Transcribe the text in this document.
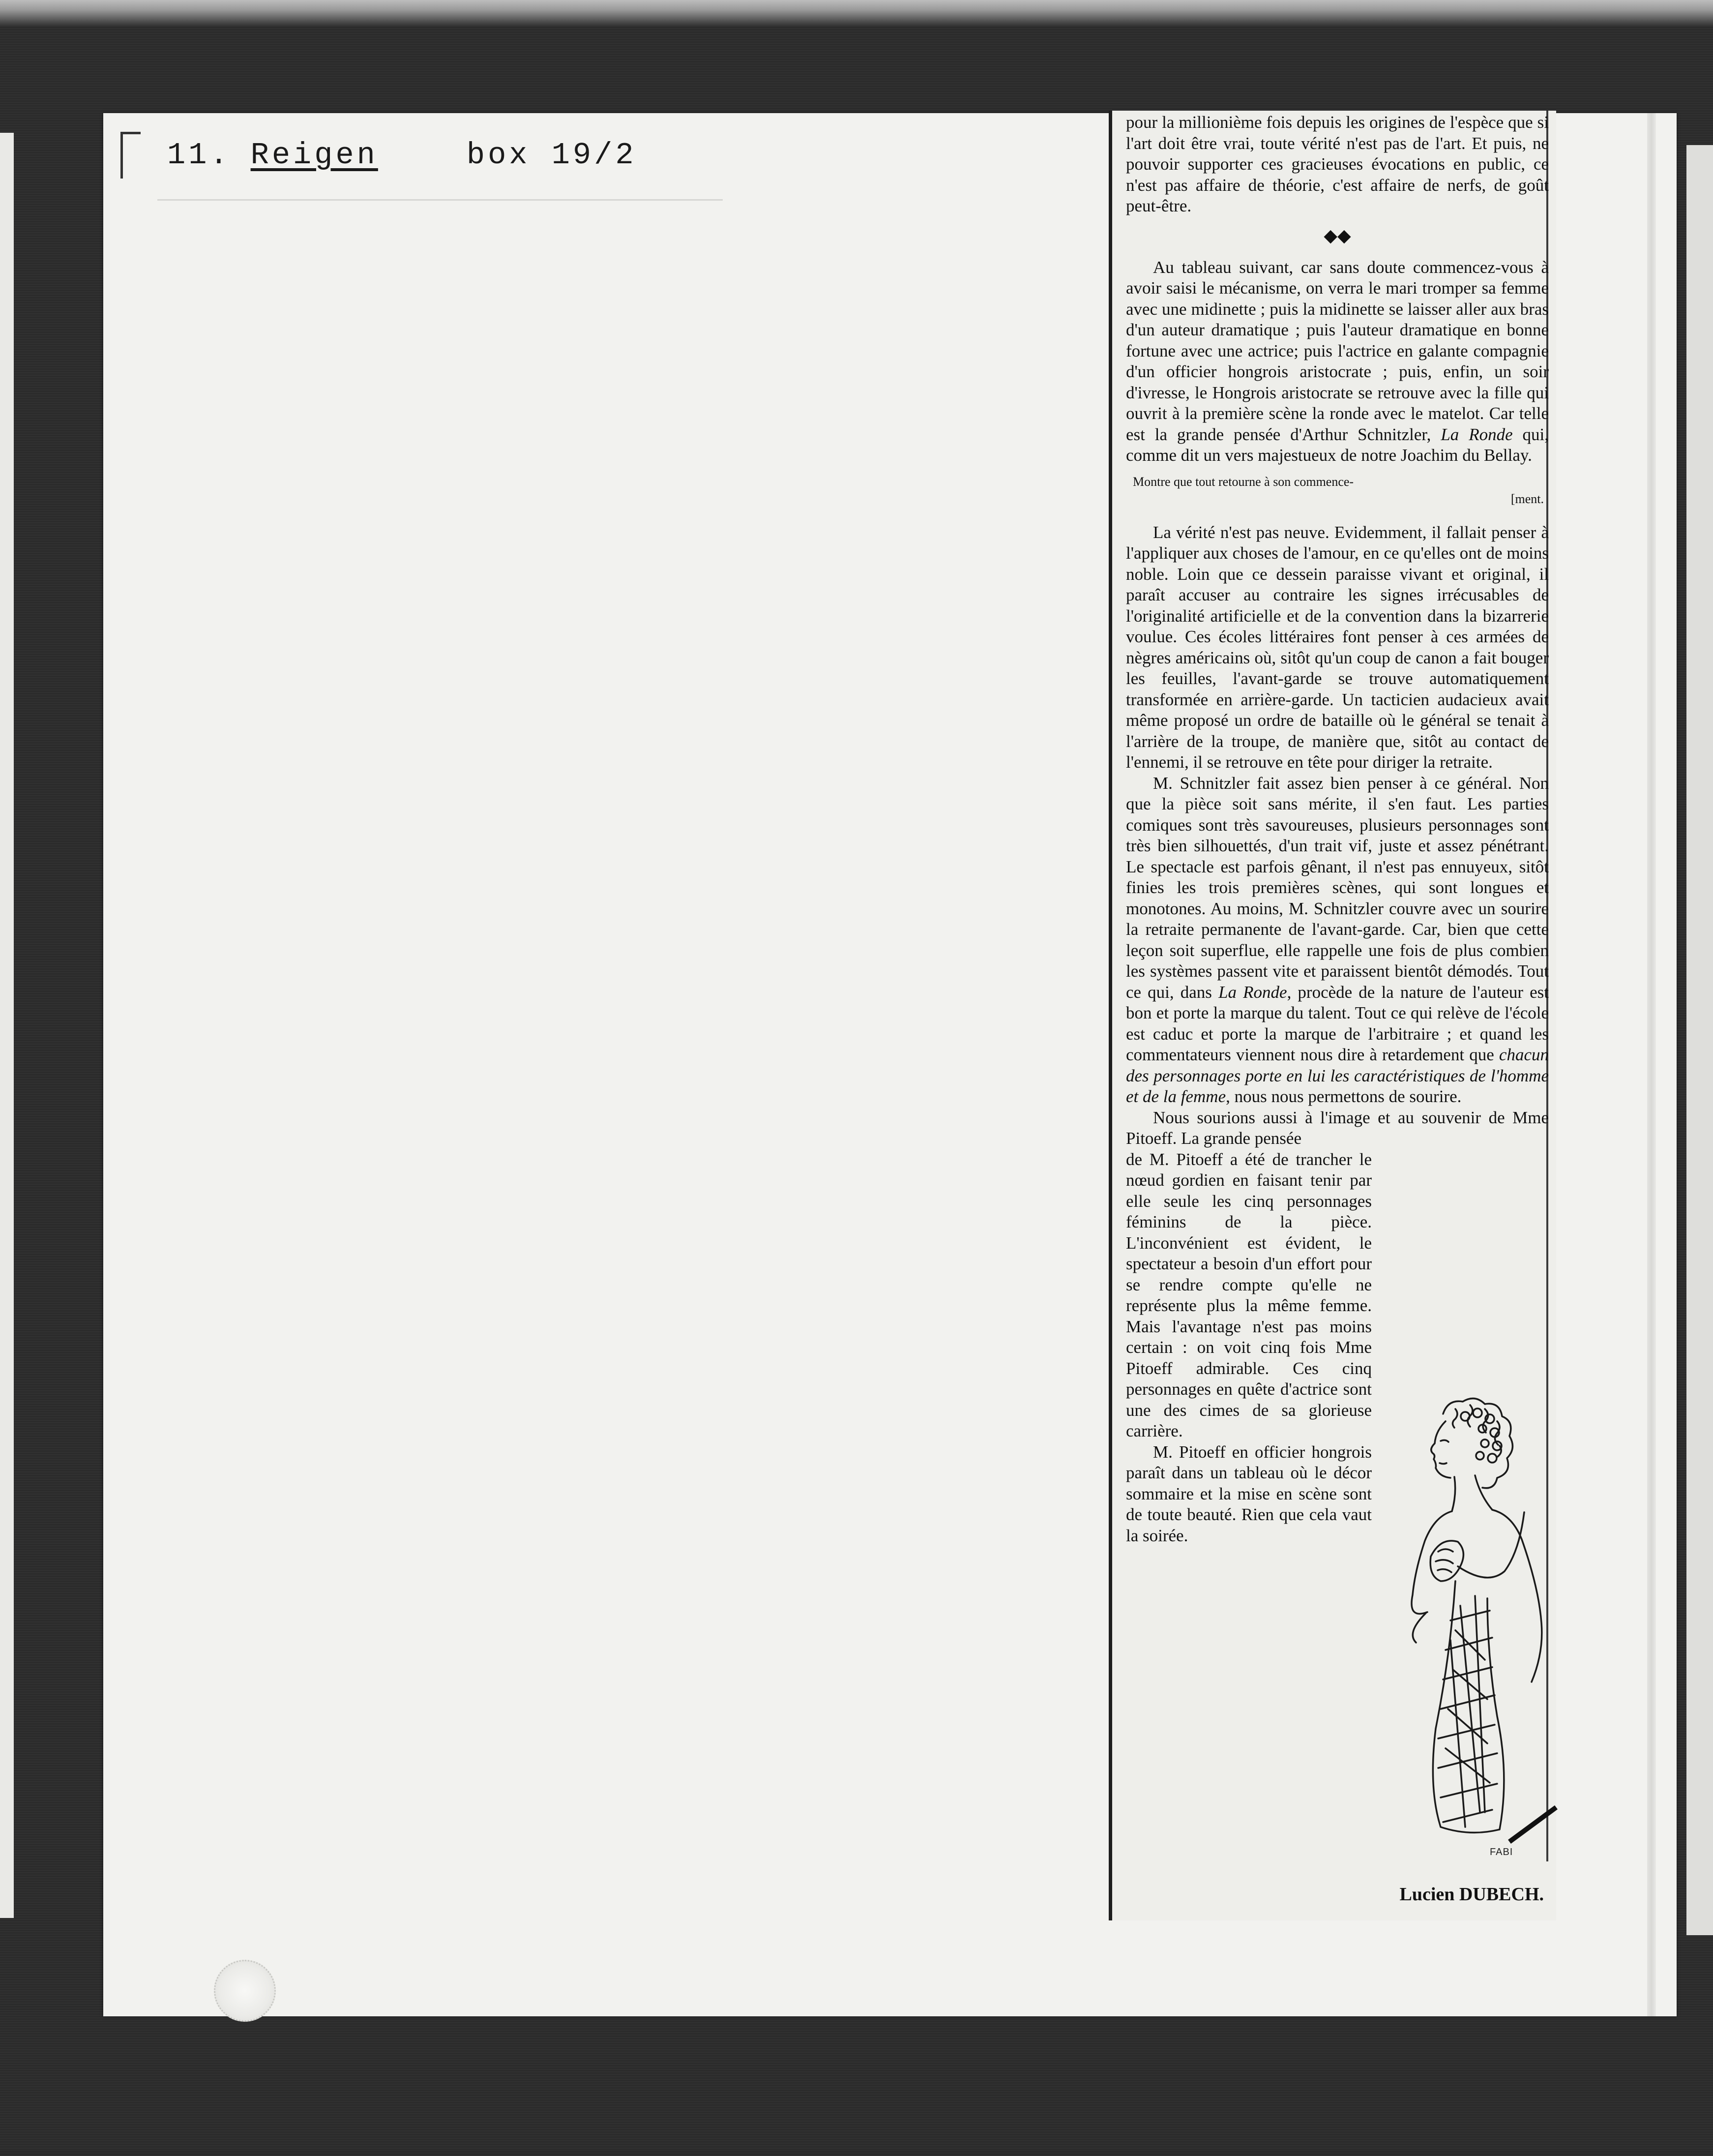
11. Reigen	box 19/2

pour la millionième fois depuis les origines de l'espèce que si l'art doit être vrai, toute vérité n'est pas de l'art. Et puis, ne pouvoir supporter ces gracieuses évocations en public, ce n'est pas affaire de théorie, c'est affaire de nerfs, de goût peut-être.

◆◆

Au tableau suivant, car sans doute commencez-vous à avoir saisi le mécanisme, on verra le mari tromper sa femme avec une midinette ; puis la midinette se laisser aller aux bras d'un auteur dramatique ; puis l'auteur dramatique en bonne fortune avec une actrice; puis l'actrice en galante compagnie d'un officier hongrois aristocrate ; puis, enfin, un soir d'ivresse, le Hongrois aristocrate se retrouve avec la fille qui ouvrit à la première scène la ronde avec le matelot. Car telle est la grande pensée d'Arthur Schnitzler, La Ronde qui, comme dit un vers majestueux de notre Joachim du Bellay.

Montre que tout retourne à son commence-

[ment.

La vérité n'est pas neuve. Evidemment, il fallait penser à l'appliquer aux choses de l'amour, en ce qu'elles ont de moins noble. Loin que ce dessein paraisse vivant et original, il paraît accuser au contraire les signes irrécusables de l'originalité artificielle et de la convention dans la bizarrerie voulue. Ces écoles littéraires font penser à ces armées de nègres américains où, sitôt qu'un coup de canon a fait bouger les feuilles, l'avant-garde se trouve automatiquement transformée en arrière-garde. Un tacticien audacieux avait même proposé un ordre de bataille où le général se tenait à l'arrière de la troupe, de manière que, sitôt au contact de l'ennemi, il se retrouve en tête pour diriger la retraite.

M. Schnitzler fait assez bien penser à ce général. Non que la pièce soit sans mérite, il s'en faut. Les parties comiques sont très savoureuses, plusieurs personnages sont très bien silhouettés, d'un trait vif, juste et assez pénétrant. Le spectacle est parfois gênant, il n'est pas ennuyeux, sitôt finies les trois premières scènes, qui sont longues et monotones. Au moins, M. Schnitzler couvre avec un sourire la retraite permanente de l'avant-garde. Car, bien que cette leçon soit superflue, elle rappelle une fois de plus combien les systèmes passent vite et paraissent bientôt démodés. Tout ce qui, dans La Ronde, procède de la nature de l'auteur est bon et porte la marque du talent. Tout ce qui relève de l'école est caduc et porte la marque de l'arbitraire ; et quand les commentateurs viennent nous dire à retardement que chacun des personnages porte en lui les caractéristiques de l'homme et de la femme, nous nous permettons de sourire.

Nous sourions aussi à l'image et au souvenir de Mme Pitoeff. La grande pensée

de M. Pitoeff a été de trancher le nœud gordien en faisant tenir par elle seule les cinq personnages féminins de la pièce. L'inconvénient est évident, le spectateur a besoin d'un effort pour se rendre compte qu'elle ne représente plus la même femme. Mais l'avantage n'est pas moins certain : on voit cinq fois Mme Pitoeff admirable. Ces cinq personnages en quête d'actrice sont une des cimes de sa glorieuse carrière.

M. Pitoeff en officier hongrois paraît dans un tableau où le décor sommaire et la mise en scène sont de toute beauté. Rien que cela vaut la soirée.

FABI
Lucien DUBECH.
